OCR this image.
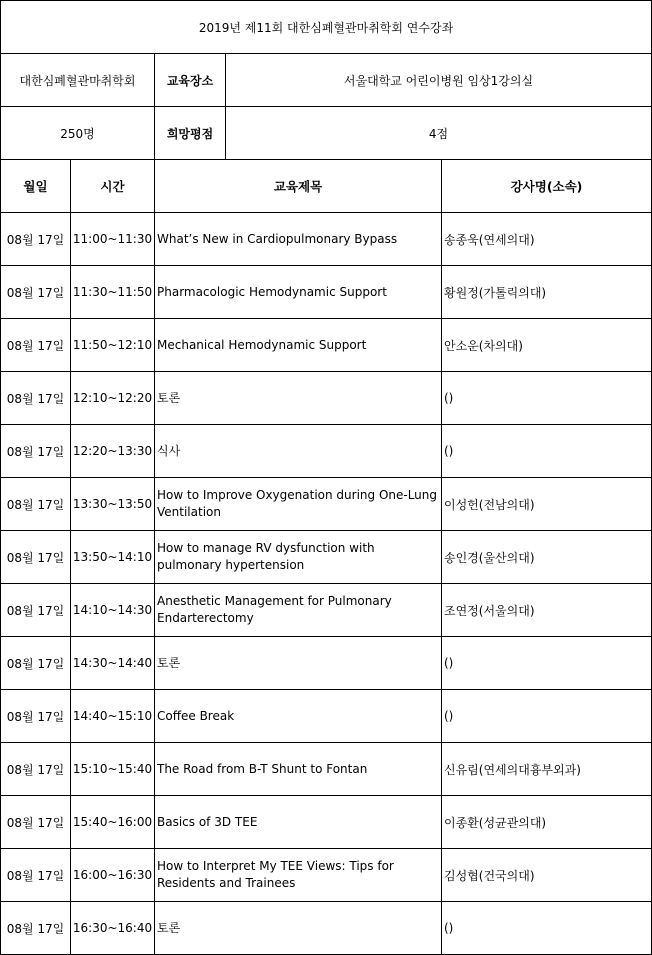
2019년 제11회 대한심폐혈관마취학회 연수강좌				
대한심폐혈관마취학회		교육장소	서울대학교 어린이병원 임상1강의실	
250명		희망평점	4점	
월일	시간	교육제목		강사명(소속)
08월 17일	11:00~11:30	What’s New in Cardiopulmonary Bypass		송종욱(연세의대)
08월 17일	11:30~11:50	Pharmacologic Hemodynamic Support		황원정(가톨릭의대)
08월 17일	11:50~12:10	Mechanical Hemodynamic Support		안소운(차의대)
08월 17일	12:10~12:20	토론		()
08월 17일	12:20~13:30	식사		()
08월 17일	13:30~13:50	How to Improve Oxygenation during One-Lung Ventilation		이성헌(전남의대)
08월 17일	13:50~14:10	How to manage RV dysfunction with pulmonary hypertension		송인경(울산의대)
08월 17일	14:10~14:30	Anesthetic Management for Pulmonary Endarterectomy		조연정(서울의대)
08월 17일	14:30~14:40	토론		()
08월 17일	14:40~15:10	Coffee Break		()
08월 17일	15:10~15:40	The Road from B-T Shunt to Fontan		신유림(연세의대흉부외과)
08월 17일	15:40~16:00	Basics of 3D TEE		이종환(성균관의대)
08월 17일	16:00~16:30	How to Interpret My TEE Views: Tips for Residents and Trainees		김성협(건국의대)
08월 17일	16:30~16:40	토론		()
